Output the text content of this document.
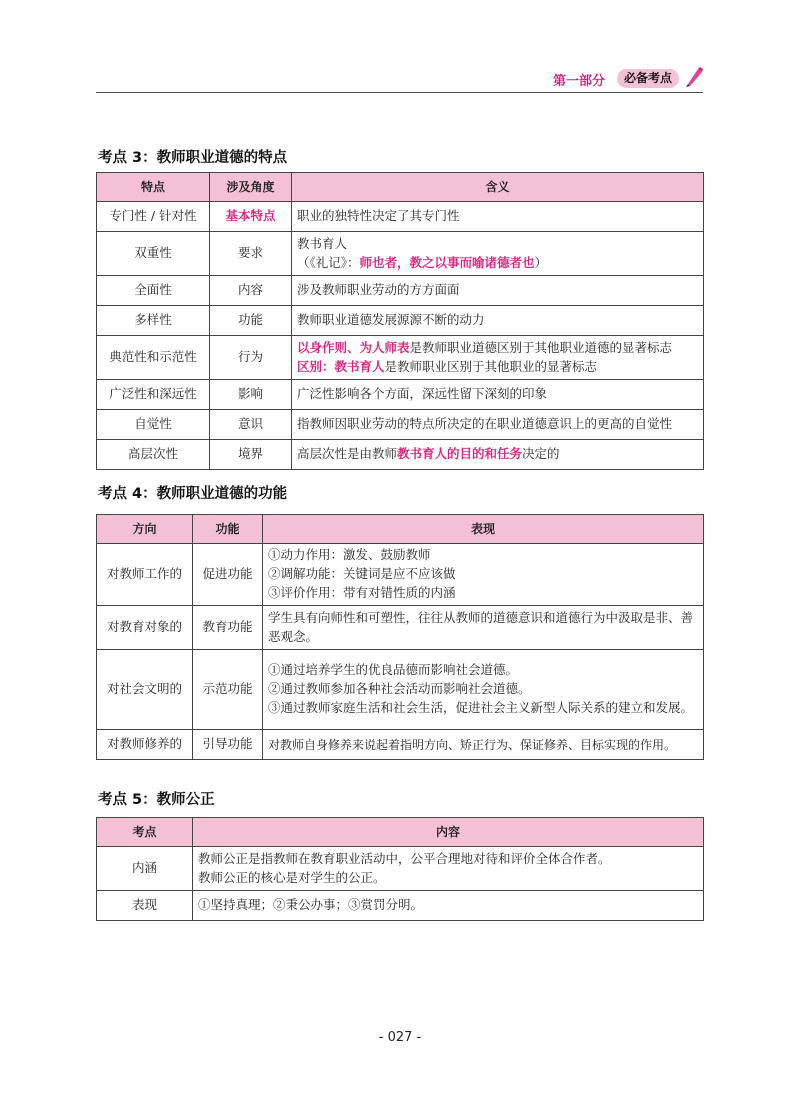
第一部分	必备考点
考点 3：教师职业道德的特点
特点	涉及角度	含义
专门性 / 针对性	基本特点	职业的独特性决定了其专门性
双重性	要求	教书育人
（《礼记》：师也者，教之以事而喻诸德者也）

全面性	内容	涉及教师职业劳动的方方面面
多样性	功能	教师职业道德发展源源不断的动力
典范性和示范性	行为	以身作则、为人师表是教师职业道德区别于其他职业道德的显著标志
区别：教书育人是教师职业区别于其他职业的显著标志

广泛性和深远性	影响	广泛性影响各个方面，深远性留下深刻的印象
自觉性	意识	指教师因职业劳动的特点所决定的在职业道德意识上的更高的自觉性
高层次性	境界	高层次性是由教师教书育人的目的和任务决定的
考点 4：教师职业道德的功能
方向	功能	表现
对教师工作的	促进功能	①动力作用：激发、鼓励教师
②调解功能：关键词是应不应该做
③评价作用：带有对错性质的内涵

对教育对象的	教育功能	学生具有向师性和可塑性，往往从教师的道德意识和道德行为中汲取是非、善恶观念。
对社会文明的	示范功能	①通过培养学生的优良品德而影响社会道德。
②通过教师参加各种社会活动而影响社会道德。
③通过教师家庭生活和社会生活，促进社会主义新型人际关系的建立和发展。

对教师修养的	引导功能	对教师自身修养来说起着指明方向、矫正行为、保证修养、目标实现的作用。
考点 5：教师公正
考点	内容
内涵	教师公正是指教师在教育职业活动中，公平合理地对待和评价全体合作者。
教师公正的核心是对学生的公正。

表现	①坚持真理；②秉公办事；③赏罚分明。
- 027 -
